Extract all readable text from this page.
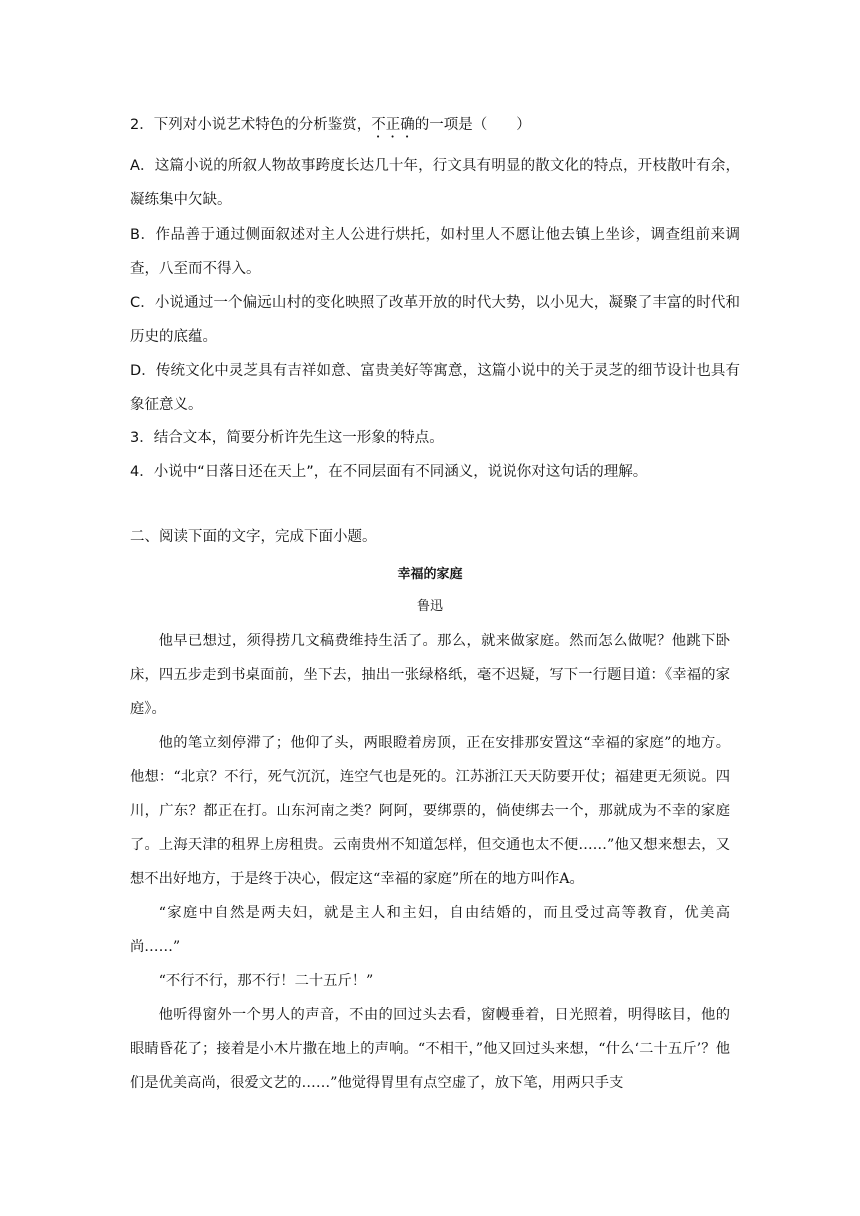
2．下列对小说艺术特色的分析鉴赏，不正确的一项是（　　）
A．这篇小说的所叙人物故事跨度长达几十年，行文具有明显的散文化的特点，开枝散叶有余，凝练集中欠缺。
B．作品善于通过侧面叙述对主人公进行烘托，如村里人不愿让他去镇上坐诊，调查组前来调查，八至而不得入。
C．小说通过一个偏远山村的变化映照了改革开放的时代大势，以小见大，凝聚了丰富的时代和历史的底蕴。
D．传统文化中灵芝具有吉祥如意、富贵美好等寓意，这篇小说中的关于灵芝的细节设计也具有象征意义。
3．结合文本，简要分析许先生这一形象的特点。
4．小说中“日落日还在天上”，在不同层面有不同涵义，说说你对这句话的理解。
二、阅读下面的文字，完成下面小题。
幸福的家庭
鲁迅

他早已想过，须得捞几文稿费维持生活了。那么，就来做家庭。然而怎么做呢？他跳下卧床，四五步走到书桌面前，坐下去，抽出一张绿格纸，毫不迟疑，写下一行题目道：《幸福的家庭》。

他的笔立刻停滞了；他仰了头，两眼瞪着房顶，正在安排那安置这“幸福的家庭”的地方。他想：“北京？不行，死气沉沉，连空气也是死的。江苏浙江天天防要开仗；福建更无须说。四川，广东？都正在打。山东河南之类？阿阿，要绑票的，倘使绑去一个，那就成为不幸的家庭了。上海天津的租界上房租贵。云南贵州不知道怎样，但交通也太不便……”他又想来想去，又想不出好地方，于是终于决心，假定这“幸福的家庭”所在的地方叫作A。

“家庭中自然是两夫妇，就是主人和主妇，自由结婚的，而且受过高等教育，优美高尚……”

“不行不行，那不行！二十五斤！”

他听得窗外一个男人的声音，不由的回过头去看，窗幔垂着，日光照着，明得眩目，他的眼睛昏花了；接着是小木片撒在地上的声响。“不相干，”他又回过头来想，“什么‘二十五斤’？他们是优美高尚，很爱文艺的……”他觉得胃里有点空虚了，放下笔，用两只手支
